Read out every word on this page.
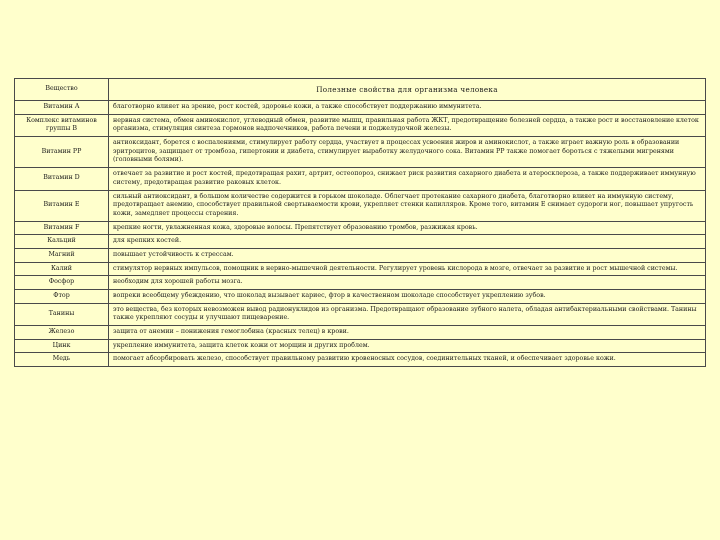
Вещество	Полезные свойства для организма человека
Витамин А	благотворно влияет на зрение, рост костей, здоровье кожи, а также способствует поддержанию иммунитета.
Комплекс витаминов группы В	нервная система, обмен аминокислот, углеводный обмен, развитие мышц, правильная работа ЖКТ, предотвращение болезней сердца, а также рост и восстановление клеток организма, стимуляция синтеза гормонов надпочечников, работа печени и поджелудочной железы.
Витамин РР	антиоксидант, борется с воспалениями, стимулирует работу сердца, участвует в процессах усвоения жиров и аминокислот, а также играет важную роль в образовании эритроцитов, защищает от тромбоза, гипертонии и диабета, стимулирует выработку желудочного сока. Витамин РР также помогает бороться с тяжелыми мигренями (головными болями).
Витамин D	отвечает за развитие и рост костей, предотвращая рахит, артрит, остеопороз, снижает риск развития сахарного диабета и атеросклероза, а также поддерживает иммунную систему, предотвращая развитие раковых клеток.
Витамин Е	сильный антиоксидант, в большом количестве содержится в горьком шоколаде. Облегчает протекание сахарного диабета, благотворно влияет на иммунную систему, предотвращает анемию, способствует правильной свертываемости крови, укрепляет стенки капилляров. Кроме того, витамин Е снимает судороги ног, повышает упругость кожи, замедляет процессы старения.
Витамин F	крепкие ногти, увлажненная кожа, здоровые волосы. Препятствует образованию тромбов, разжижая кровь.
Кальций	для крепких костей.
Магний	повышает устойчивость к стрессам.
Калий	стимулятор нервных импульсов, помощник в нервно-мышечной деятельности. Регулирует уровень кислорода в мозге, отвечает за развитие и рост мышечной системы.
Фосфор	необходим для хорошей работы мозга.
Фтор	вопреки всеобщему убеждению, что шоколад вызывает кариес, фтор в качественном шоколаде способствует укреплению зубов.
Танины	это вещества, без которых невозможен вывод радионуклидов из организма. Предотвращают образование зубного налета, обладая антибактериальными свойствами. Танины также укрепляют сосуды и улучшают пищеварение.
Железо	защита от анемии – понижения гемоглобина (красных телец) в крови.
Цинк	укрепление иммунитета, защита клеток кожи от морщин и других проблем.
Медь	помогает абсорбировать железо, способствует правильному развитию кровеносных сосудов, соединительных тканей, и обеспечивает здоровье кожи.
